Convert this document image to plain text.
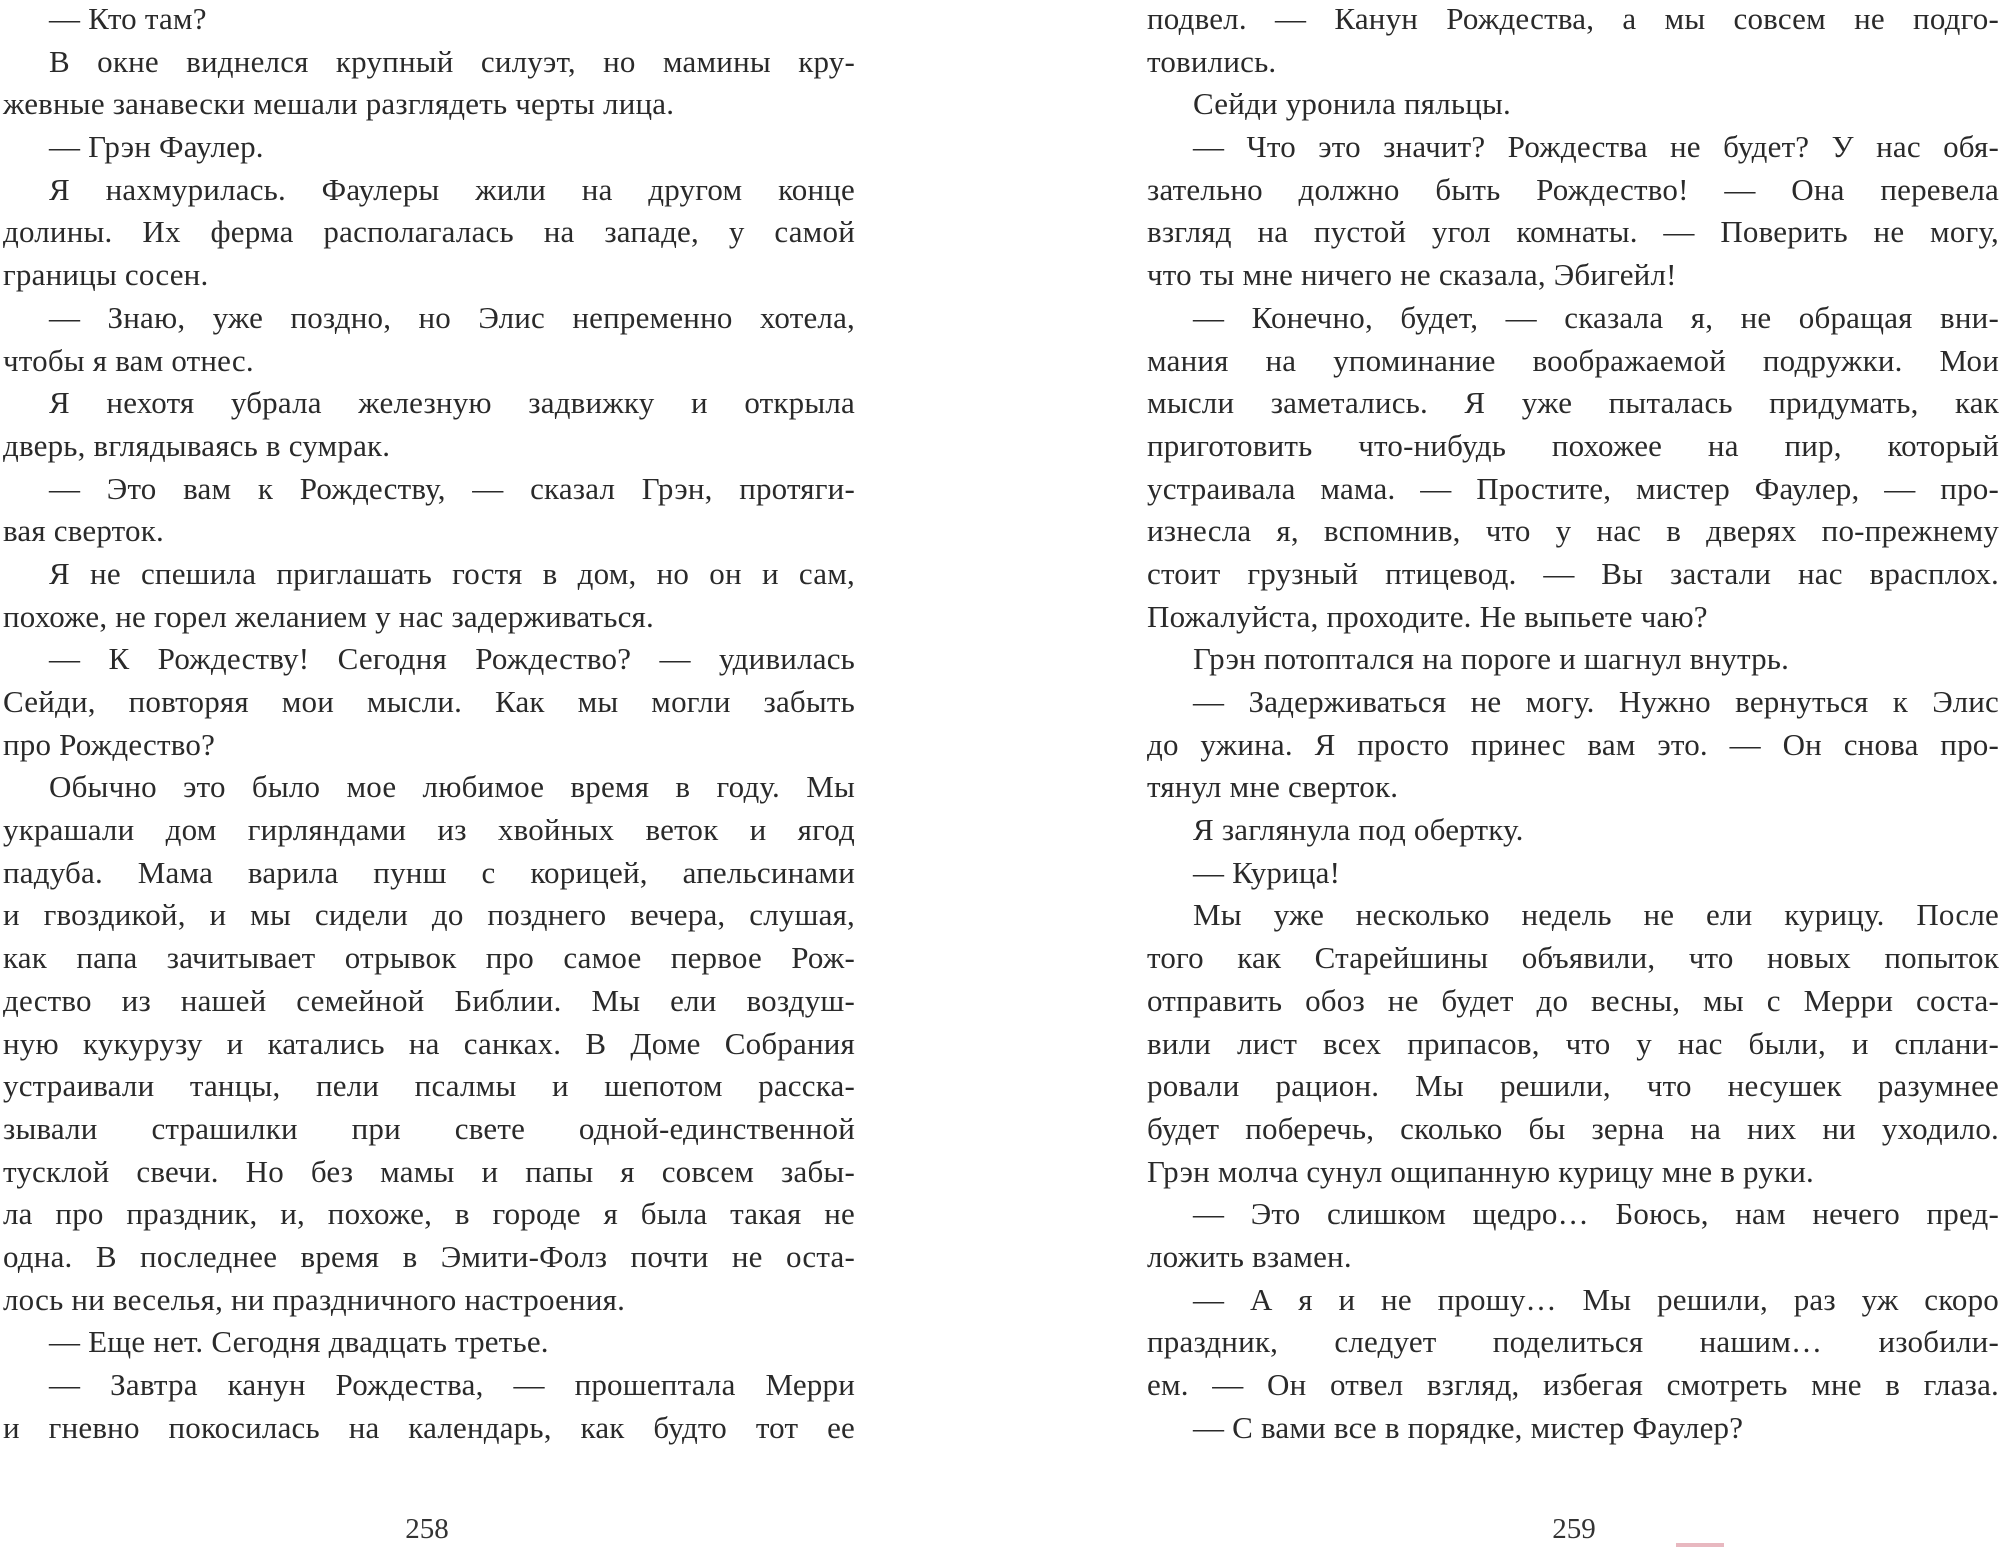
— Кто там?
В окне виднелся крупный силуэт, но мамины кру-
жевные занавески мешали разглядеть черты лица.
— Грэн Фаулер.
Я нахмурилась. Фаулеры жили на другом конце
долины. Их ферма располагалась на западе, у самой
границы сосен.
— Знаю, уже поздно, но Элис непременно хотела,
чтобы я вам отнес.
Я нехотя убрала железную задвижку и открыла
дверь, вглядываясь в сумрак.
— Это вам к Рождеству, — сказал Грэн, протяги-
вая сверток.
Я не спешила приглашать гостя в дом, но он и сам,
похоже, не горел желанием у нас задерживаться.
— К Рождеству! Сегодня Рождество? — удивилась
Сейди, повторяя мои мысли. Как мы могли забыть
про Рождество?
Обычно это было мое любимое время в году. Мы
украшали дом гирляндами из хвойных веток и ягод
падуба. Мама варила пунш с корицей, апельсинами
и гвоздикой, и мы сидели до позднего вечера, слушая,
как папа зачитывает отрывок про самое первое Рож-
дество из нашей семейной Библии. Мы ели воздуш-
ную кукурузу и катались на санках. В Доме Собрания
устраивали танцы, пели псалмы и шепотом расска-
зывали страшилки при свете одной-единственной
тусклой свечи. Но без мамы и папы я совсем забы-
ла про праздник, и, похоже, в городе я была такая не
одна. В последнее время в Эмити-Фолз почти не оста-
лось ни веселья, ни праздничного настроения.
— Еще нет. Сегодня двадцать третье.
— Завтра канун Рождества, — прошептала Мерри
и гневно покосилась на календарь, как будто тот ее
258
подвел. — Канун Рождества, а мы совсем не подго-
товились.
Сейди уронила пяльцы.
— Что это значит? Рождества не будет? У нас обя-
зательно должно быть Рождество! — Она перевела
взгляд на пустой угол комнаты. — Поверить не могу,
что ты мне ничего не сказала, Эбигейл!
— Конечно, будет, — сказала я, не обращая вни-
мания на упоминание воображаемой подружки. Мои
мысли заметались. Я уже пыталась придумать, как
приготовить что-нибудь похожее на пир, который
устраивала мама. — Простите, мистер Фаулер, — про-
изнесла я, вспомнив, что у нас в дверях по-прежнему
стоит грузный птицевод. — Вы застали нас врасплох.
Пожалуйста, проходите. Не выпьете чаю?
Грэн потоптался на пороге и шагнул внутрь.
— Задерживаться не могу. Нужно вернуться к Элис
до ужина. Я просто принес вам это. — Он снова про-
тянул мне сверток.
Я заглянула под обертку.
— Курица!
Мы уже несколько недель не ели курицу. После
того как Старейшины объявили, что новых попыток
отправить обоз не будет до весны, мы с Мерри соста-
вили лист всех припасов, что у нас были, и сплани-
ровали рацион. Мы решили, что несушек разумнее
будет поберечь, сколько бы зерна на них ни уходило.
Грэн молча сунул ощипанную курицу мне в руки.
— Это слишком щедро… Боюсь, нам нечего пред-
ложить взамен.
— А я и не прошу… Мы решили, раз уж скоро
праздник, следует поделиться нашим… изобили-
ем. — Он отвел взгляд, избегая смотреть мне в глаза.
— С вами все в порядке, мистер Фаулер?
259
